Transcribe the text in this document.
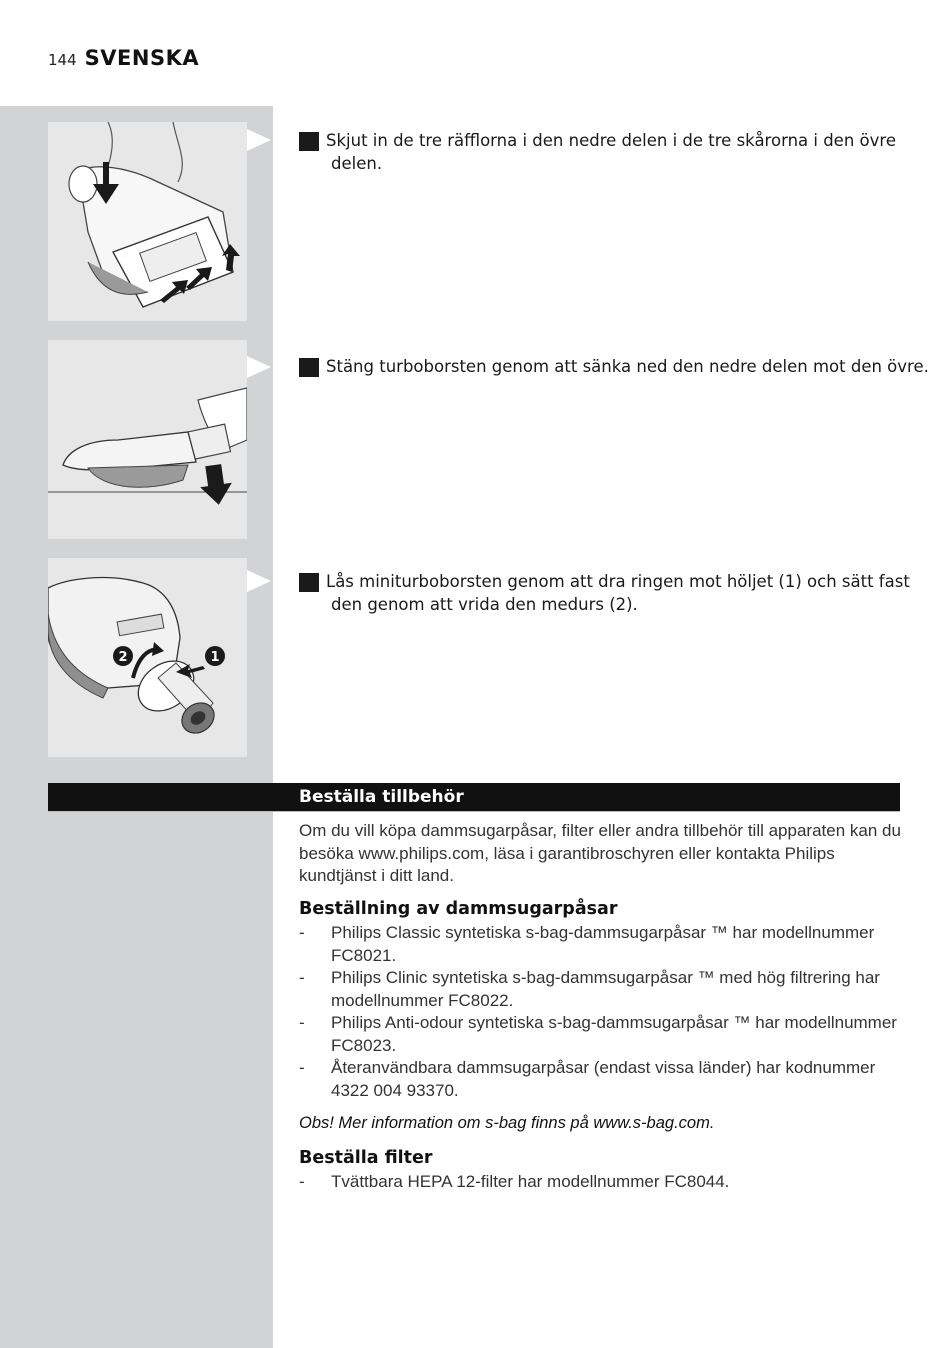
144 SVENSKA
2	1
5 Skjut in de tre räfflorna i den nedre delen i de tre skårorna i den övre delen.
6 Stäng turboborsten genom att sänka ned den nedre delen mot den övre.
7 Lås miniturboborsten genom att dra ringen mot höljet (1) och sätt fast den genom att vrida den medurs (2).
Beställa tillbehör
Om du vill köpa dammsugarpåsar, filter eller andra tillbehör till apparaten kan du besöka www.philips.com, läsa i garantibroschyren eller kontakta Philips kundtjänst i ditt land.
Beställning av dammsugarpåsar
- Philips Classic syntetiska s-bag-dammsugarpåsar ™ har modellnummer FC8021.
- Philips Clinic syntetiska s-bag-dammsugarpåsar ™ med hög filtrering har modellnummer FC8022.
- Philips Anti-odour syntetiska s-bag-dammsugarpåsar ™ har modellnummer FC8023.
- Återanvändbara dammsugarpåsar (endast vissa länder) har kodnummer 4322 004 93370.
Obs! Mer information om s-bag finns på www.s-bag.com.
Beställa filter
- Tvättbara HEPA 12-filter har modellnummer FC8044.
